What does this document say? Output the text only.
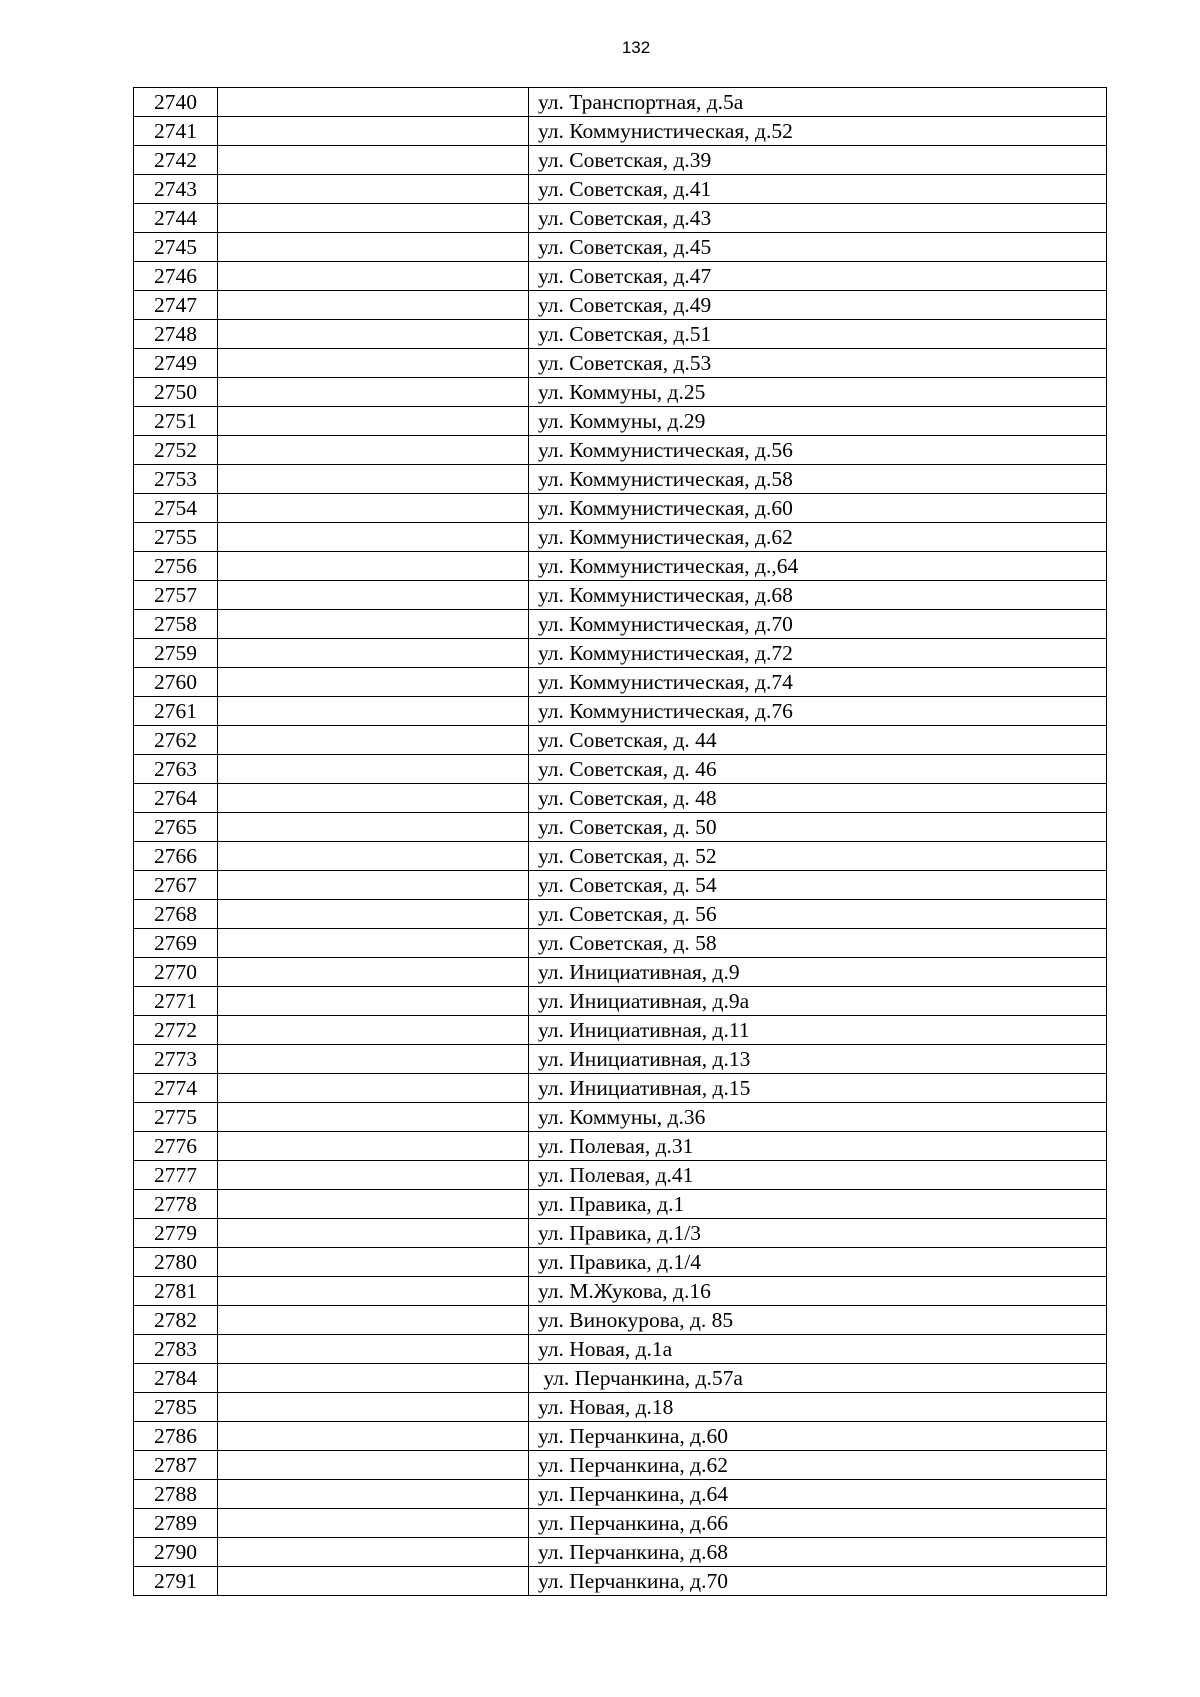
132
2740		ул. Транспортная, д.5а
2741		ул. Коммунистическая, д.52
2742		ул. Советская, д.39
2743		ул. Советская, д.41
2744		ул. Советская, д.43
2745		ул. Советская, д.45
2746		ул. Советская, д.47
2747		ул. Советская, д.49
2748		ул. Советская, д.51
2749		ул. Советская, д.53
2750		ул. Коммуны, д.25
2751		ул. Коммуны, д.29
2752		ул. Коммунистическая, д.56
2753		ул. Коммунистическая, д.58
2754		ул. Коммунистическая, д.60
2755		ул. Коммунистическая, д.62
2756		ул. Коммунистическая, д.,64
2757		ул. Коммунистическая, д.68
2758		ул. Коммунистическая, д.70
2759		ул. Коммунистическая, д.72
2760		ул. Коммунистическая, д.74
2761		ул. Коммунистическая, д.76
2762		ул. Советская, д. 44
2763		ул. Советская, д. 46
2764		ул. Советская, д. 48
2765		ул. Советская, д. 50
2766		ул. Советская, д. 52
2767		ул. Советская, д. 54
2768		ул. Советская, д. 56
2769		ул. Советская, д. 58
2770		ул. Инициативная, д.9
2771		ул. Инициативная, д.9а
2772		ул. Инициативная, д.11
2773		ул. Инициативная, д.13
2774		ул. Инициативная, д.15
2775		ул. Коммуны, д.36
2776		ул. Полевая, д.31
2777		ул. Полевая, д.41
2778		ул. Правика, д.1
2779		ул. Правика, д.1/3
2780		ул. Правика, д.1/4
2781		ул. М.Жукова, д.16
2782		ул. Винокурова, д. 85
2783		ул. Новая, д.1а
2784		ул. Перчанкина, д.57а
2785		ул. Новая, д.18
2786		ул. Перчанкина, д.60
2787		ул. Перчанкина, д.62
2788		ул. Перчанкина, д.64
2789		ул. Перчанкина, д.66
2790		ул. Перчанкина, д.68
2791		ул. Перчанкина, д.70
